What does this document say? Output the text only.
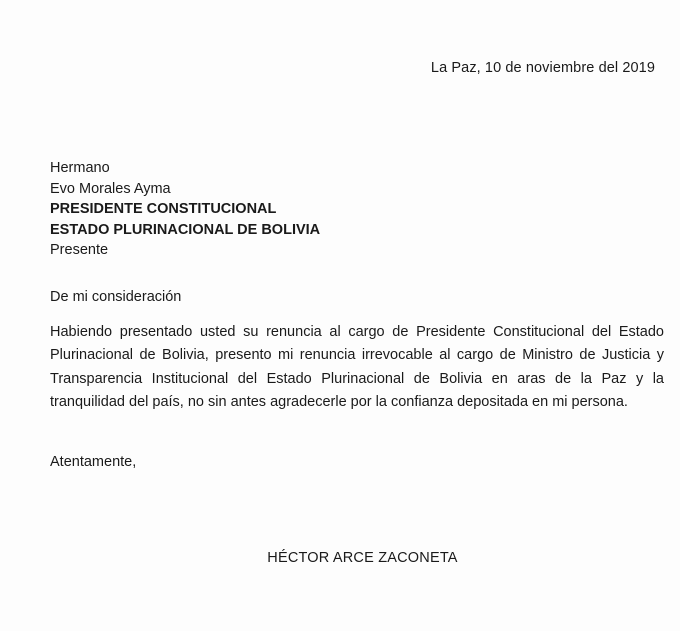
La Paz, 10 de noviembre del 2019
Hermano
Evo Morales Ayma
PRESIDENTE CONSTITUCIONAL
ESTADO PLURINACIONAL DE BOLIVIA
Presente
De mi consideración

Habiendo presentado usted su renuncia al cargo de Presidente Constitucional del Estado Plurinacional de Bolivia, presento mi renuncia irrevocable al cargo de Ministro de Justicia y Transparencia Institucional del Estado Plurinacional de Bolivia en aras de la Paz y la tranquilidad del país, no sin antes agradecerle por la confianza depositada en mi persona.

Atentamente,
HÉCTOR ARCE ZACONETA
